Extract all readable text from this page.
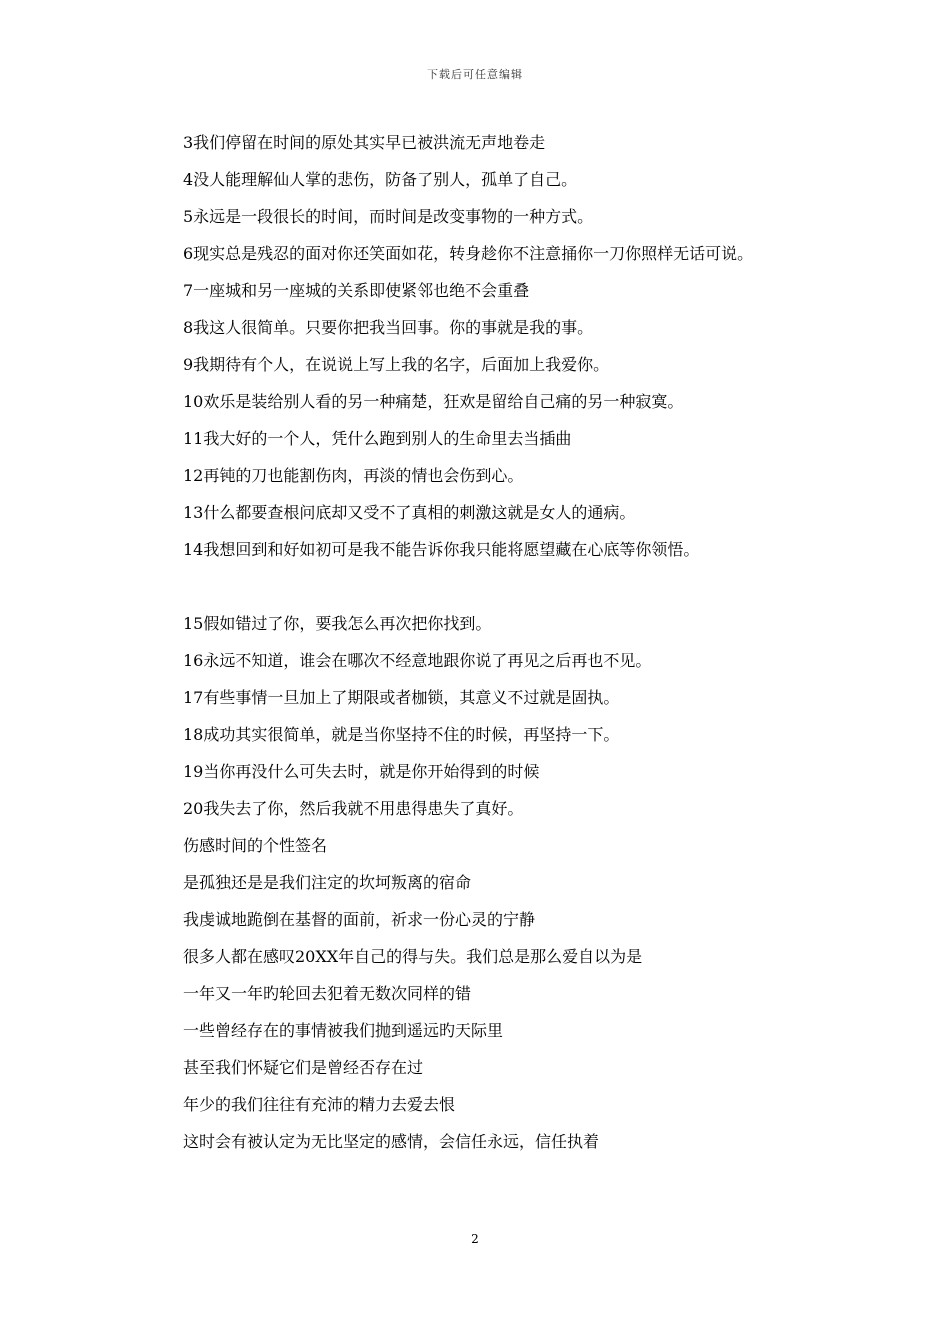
下载后可任意编辑
3我们停留在时间的原处其实早已被洪流无声地卷走
4没人能理解仙人掌的悲伤，防备了别人，孤单了自己。
5永远是一段很长的时间，而时间是改变事物的一种方式。
6现实总是残忍的面对你还笑面如花，转身趁你不注意捅你一刀你照样无话可说。
7一座城和另一座城的关系即使紧邻也绝不会重叠
8我这人很简单。只要你把我当回事。你的事就是我的事。
9我期待有个人，在说说上写上我的名字，后面加上我爱你。
10欢乐是装给别人看的另一种痛楚，狂欢是留给自己痛的另一种寂寞。
11我大好的一个人，凭什么跑到别人的生命里去当插曲
12再钝的刀也能割伤肉，再淡的情也会伤到心。
13什么都要查根问底却又受不了真相的刺激这就是女人的通病。
14我想回到和好如初可是我不能告诉你我只能将愿望藏在心底等你领悟。
15假如错过了你，要我怎么再次把你找到。
16永远不知道，谁会在哪次不经意地跟你说了再见之后再也不见。
17有些事情一旦加上了期限或者枷锁，其意义不过就是固执。
18成功其实很简单，就是当你坚持不住的时候，再坚持一下。
19当你再没什么可失去时，就是你开始得到的时候
20我失去了你，然后我就不用患得患失了真好。
伤感时间的个性签名
是孤独还是是我们注定的坎坷叛离的宿命
我虔诚地跪倒在基督的面前，祈求一份心灵的宁静
很多人都在感叹20XX年自己的得与失。我们总是那么爱自以为是
一年又一年旳轮回去犯着无数次同样的错
一些曾经存在的事情被我们抛到遥远旳天际里
甚至我们怀疑它们是曾经否存在过
年少的我们往往有充沛的精力去爱去恨
这时会有被认定为无比坚定的感情，会信任永远，信任执着
2
